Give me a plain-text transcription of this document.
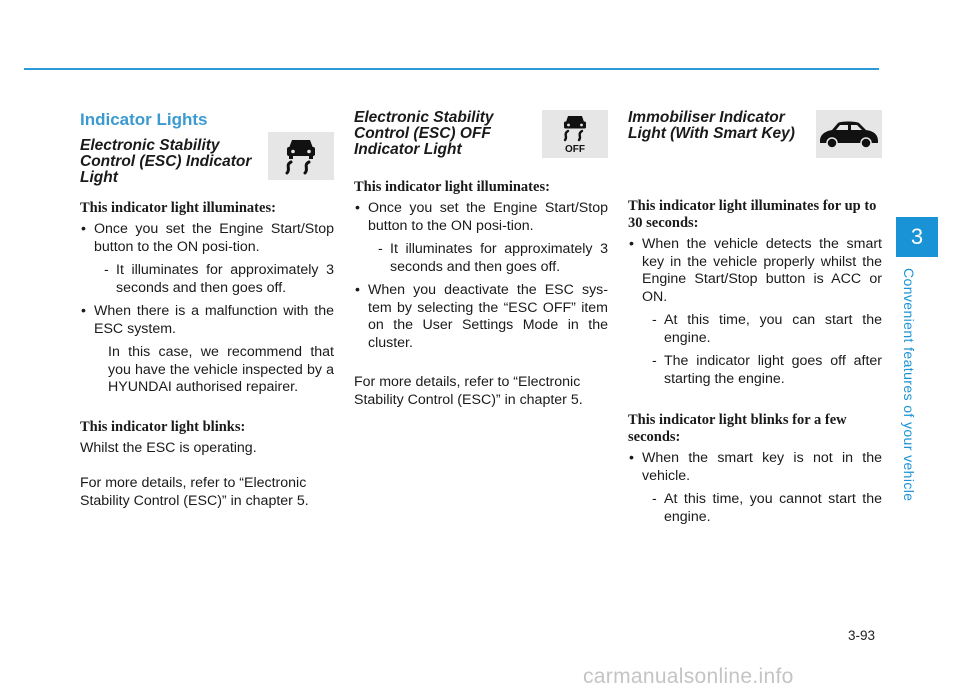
3
Convenient features of your vehicle
Indicator Lights
Electronic Stability Control (ESC) Indicator Light
This indicator light illuminates:
• Once you set the Engine Start/Stop button to the ON posi-tion.
- It illuminates for approximately 3 seconds and then goes off.
• When there is a malfunction with the ESC system.
In this case, we recommend that you have the vehicle inspected by a HYUNDAI authorised repairer.
This indicator light blinks:

Whilst the ESC is operating.

For more details, refer to “Electronic Stability Control (ESC)” in chapter 5.

Electronic Stability Control (ESC) OFF Indicator Light	OFF
This indicator light illuminates:
• Once you set the Engine Start/Stop button to the ON posi-tion.
- It illuminates for approximately 3 seconds and then goes off.
• When you deactivate the ESC sys-tem by selecting the “ESC OFF” item on the User Settings Mode in the cluster.

For more details, refer to “Electronic Stability Control (ESC)” in chapter 5.

Immobiliser Indicator Light (With Smart Key)
This indicator light illuminates for up to 30 seconds:
• When the vehicle detects the smart key in the vehicle properly whilst the Engine Start/Stop button is ACC or ON.
- At this time, you can start the engine.
- The indicator light goes off after starting the engine.
This indicator light blinks for a few seconds:
• When the smart key is not in the vehicle.
- At this time, you cannot start the engine.
3-93
carmanualsonline.info
